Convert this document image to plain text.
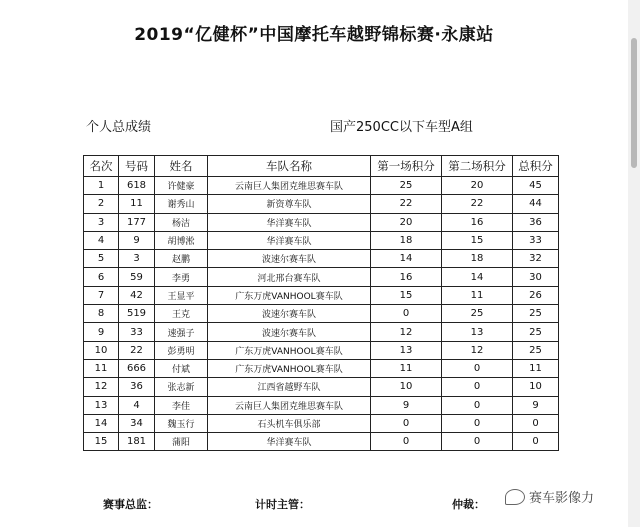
2019“亿健杯”中国摩托车越野锦标赛·永康站
个人总成绩	国产250CC以下车型A组
名次	号码	姓名	车队名称	第一场积分	第二场积分	总积分
1	618	许健豪	云南巨人集团克维思赛车队	25	20	45
2	11	谢秀山	新资尊车队	22	22	44
3	177	杨洁	华洋赛车队	20	16	36
4	9	胡博淞	华洋赛车队	18	15	33
5	3	赵鹏	波速尔赛车队	14	18	32
6	59	李勇	河北邢台赛车队	16	14	30
7	42	王显平	广东万虎VANHOOL赛车队	15	11	26
8	519	王克	波速尔赛车队	0	25	25
9	33	速强子	波速尔赛车队	12	13	25
10	22	彭勇明	广东万虎VANHOOL赛车队	13	12	25
11	666	付斌	广东万虎VANHOOL赛车队	11	0	11
12	36	张志新	江西省越野车队	10	0	10
13	4	李佳	云南巨人集团克维思赛车队	9	0	9
14	34	魏玉行	石头机车俱乐部	0	0	0
15	181	蒲阳	华洋赛车队	0	0	0
赛事总监：	计时主管：	仲裁：	赛车影像力
